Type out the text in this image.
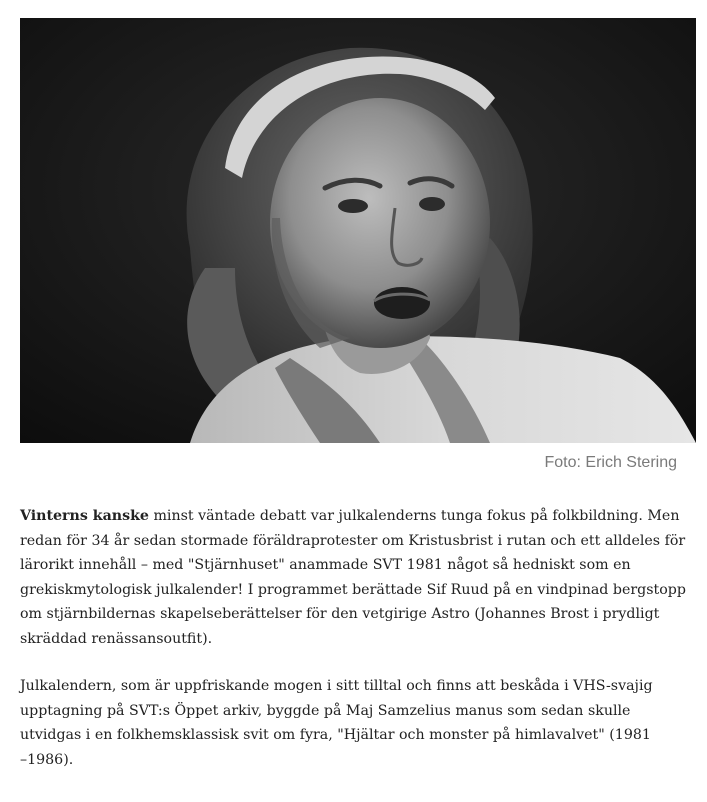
Foto: Erich Stering

Vinterns kanske minst väntade debatt var julkalenderns tunga fokus på folkbildning. Men
redan för 34 år sedan stormade föräldraprotester om Kristusbrist i rutan och ett alldeles för
lärorikt innehåll – med "Stjärnhuset" anammade SVT 1981 något så hedniskt som en
grekiskmytologisk julkalender! I programmet berättade Sif Ruud på en vindpinad bergstopp
om stjärnbildernas skapelseberättelser för den vetgirige Astro (Johannes Brost i prydligt
skräddad renässansoutfit).

Julkalendern, som är uppfriskande mogen i sitt tilltal och finns att beskåda i VHS-svajig
upptagning på SVT:s Öppet arkiv, byggde på Maj Samzelius manus som sedan skulle
utvidgas i en folkhemsklassisk svit om fyra, "Hjältar och monster på himlavalvet" (1981
–1986).
